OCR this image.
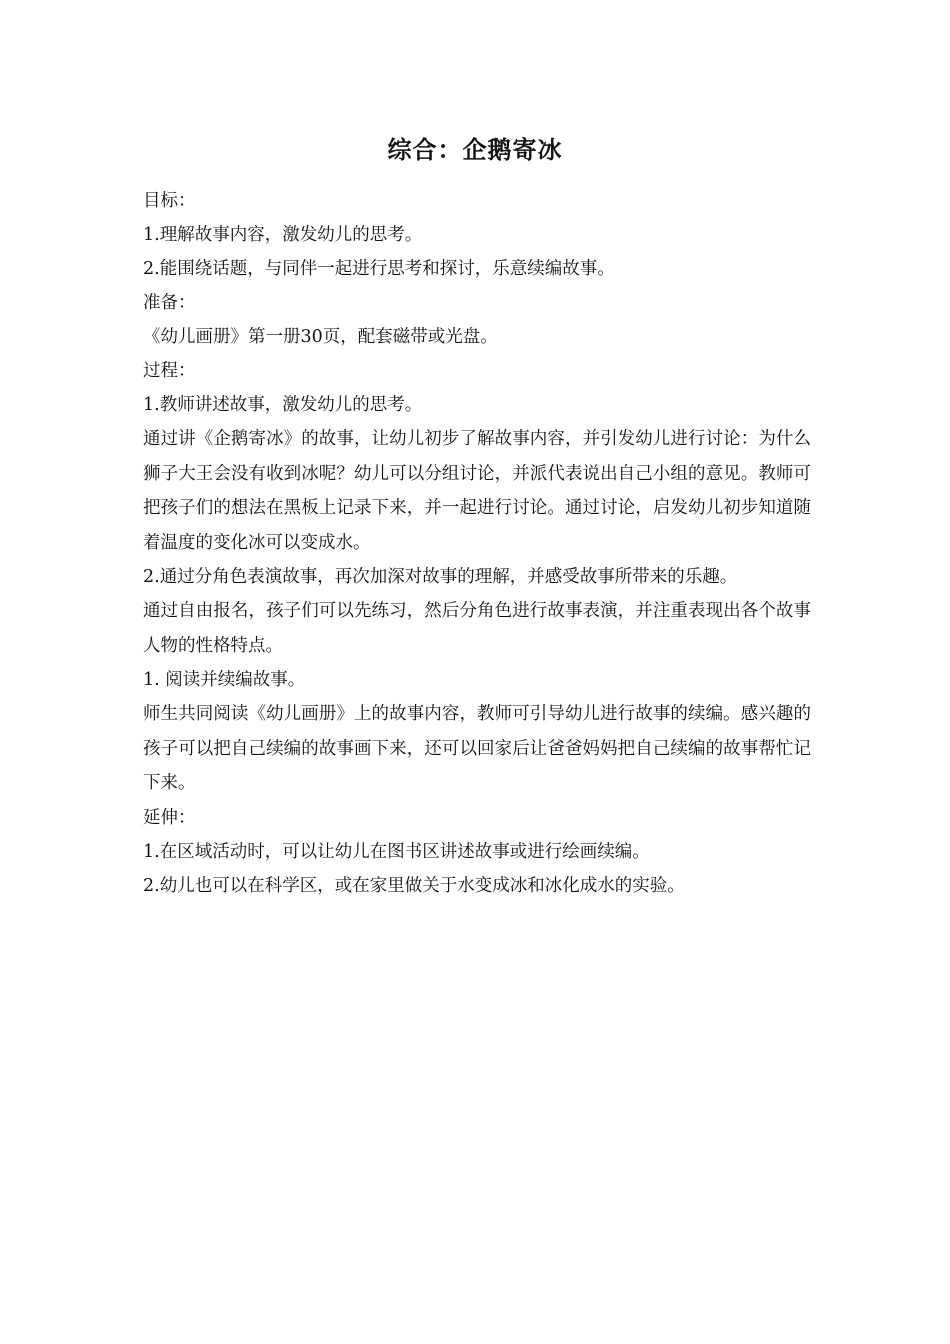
综合：企鹅寄冰
目标：
1.理解故事内容，激发幼儿的思考。
2.能围绕话题，与同伴一起进行思考和探讨，乐意续编故事。
准备：
《幼儿画册》第一册30页，配套磁带或光盘。
过程：
1.教师讲述故事，激发幼儿的思考。
通过讲《企鹅寄冰》的故事，让幼儿初步了解故事内容，并引发幼儿进行讨论：为什么狮子大王会没有收到冰呢？幼儿可以分组讨论，并派代表说出自己小组的意见。教师可把孩子们的想法在黑板上记录下来，并一起进行讨论。通过讨论，启发幼儿初步知道随着温度的变化冰可以变成水。
2.通过分角色表演故事，再次加深对故事的理解，并感受故事所带来的乐趣。
通过自由报名，孩子们可以先练习，然后分角色进行故事表演，并注重表现出各个故事人物的性格特点。
1. 阅读并续编故事。
师生共同阅读《幼儿画册》上的故事内容，教师可引导幼儿进行故事的续编。感兴趣的孩子可以把自己续编的故事画下来，还可以回家后让爸爸妈妈把自己续编的故事帮忙记下来。
延伸：
1.在区域活动时，可以让幼儿在图书区讲述故事或进行绘画续编。
2.幼儿也可以在科学区，或在家里做关于水变成冰和冰化成水的实验。
